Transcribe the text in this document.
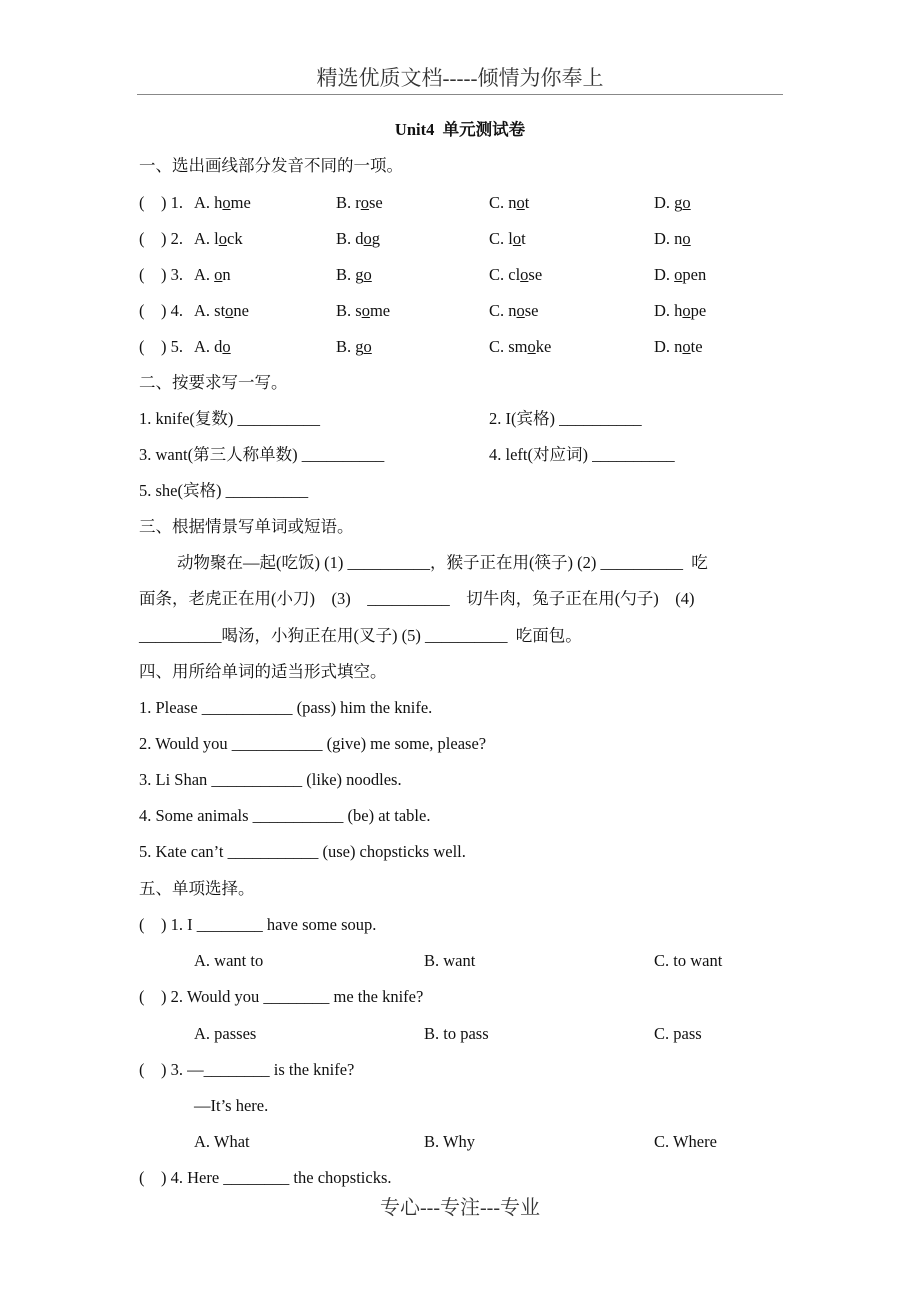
精选优质文档-----倾情为你奉上
Unit4  单元测试卷
专心---专注---专业
一、选出画线部分发音不同的一项。
(    ) 1. A. home	B. rose	C. not	D. go
(    ) 2. A. lock	B. dog	C. lot	D. no
(    ) 3. A. on	B. go	C. close	D. open
(    ) 4. A. stone	B. some	C. nose	D. hope
(    ) 5. A. do	B. go	C. smoke	D. note
二、按要求写一写。
1. knife(复数) __________	2. I(宾格) __________
3. want(第三人称单数) __________	4. left(对应词) __________
5. she(宾格) __________
三、根据情景写单词或短语。
动物聚在—起(吃饭) (1) __________，猴子正在用(筷子) (2) __________  吃
面条，老虎正在用(小刀)    (3)    __________    切牛肉，兔子正在用(勺子)    (4)
__________喝汤，小狗正在用(叉子) (5) __________  吃面包。
四、用所给单词的适当形式填空。
1. Please ___________ (pass) him the knife.
2. Would you ___________ (give) me some, please?
3. Li Shan ___________ (like) noodles.
4. Some animals ___________ (be) at table.
5. Kate can’t ___________ (use) chopsticks well.
五、单项选择。
(    ) 1. I ________ have some soup.
A. want to	B. want	C. to want
(    ) 2. Would you ________ me the knife?
A. passes	B. to pass	C. pass
(    ) 3. —________ is the knife?
—It’s here.
A. What	B. Why	C. Where
(    ) 4. Here ________ the chopsticks.
